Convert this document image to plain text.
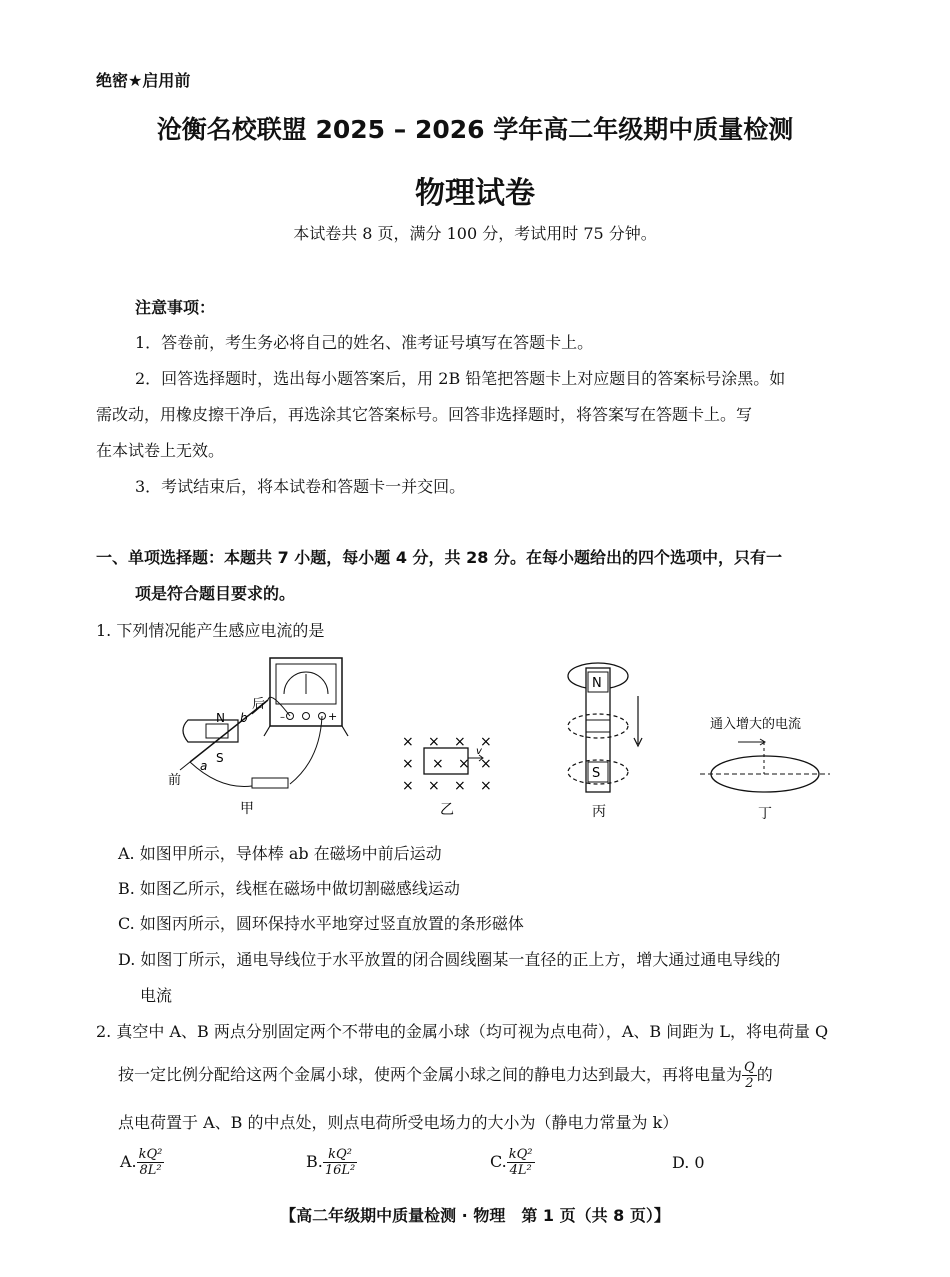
绝密★启用前
沧衡名校联盟 2025 – 2026 学年高二年级期中质量检测
物理试卷
本试卷共 8 页，满分 100 分，考试用时 75 分钟。
注意事项：
1．答卷前，考生务必将自己的姓名、准考证号填写在答题卡上。
2．回答选择题时，选出每小题答案后，用 2B 铅笔把答题卡上对应题目的答案标号涂黑。如
需改动，用橡皮擦干净后，再选涂其它答案标号。回答非选择题时，将答案写在答题卡上。写
在本试卷上无效。
3．考试结束后，将本试卷和答题卡一并交回。
一、单项选择题：本题共 7 小题，每小题 4 分，共 28 分。在每小题给出的四个选项中，只有一
项是符合题目要求的。
1. 下列情况能产生感应电流的是
–	+
N
S
a
b
后
前
甲
× × × ×
×	×
× × × ×
× ×
v
乙
N
S
丙
通入增大的电流
丁
A. 如图甲所示，导体棒 ab 在磁场中前后运动
B. 如图乙所示，线框在磁场中做切割磁感线运动
C. 如图丙所示，圆环保持水平地穿过竖直放置的条形磁体
D. 如图丁所示，通电导线位于水平放置的闭合圆线圈某一直径的正上方，增大通过通电导线的
电流
2. 真空中 A、B 两点分别固定两个不带电的金属小球（均可视为点电荷），A、B 间距为 L，将电荷量 Q
按一定比例分配给这两个金属小球，使两个金属小球之间的静电力达到最大，再将电量为 $\frac{Q}{2}$ 的
点电荷置于 A、B 的中点处，则点电荷所受电场力的大小为（静电力常量为 k）
A. $\frac{\text{kQ²}}{\text{8L²}}$	B. $\frac{\text{kQ²}}{\text{16L²}}$	C. $\frac{\text{kQ²}}{\text{4L²}}$	D. 0
【高二年级期中质量检测 · 物理　第 1 页（共 8 页）】
